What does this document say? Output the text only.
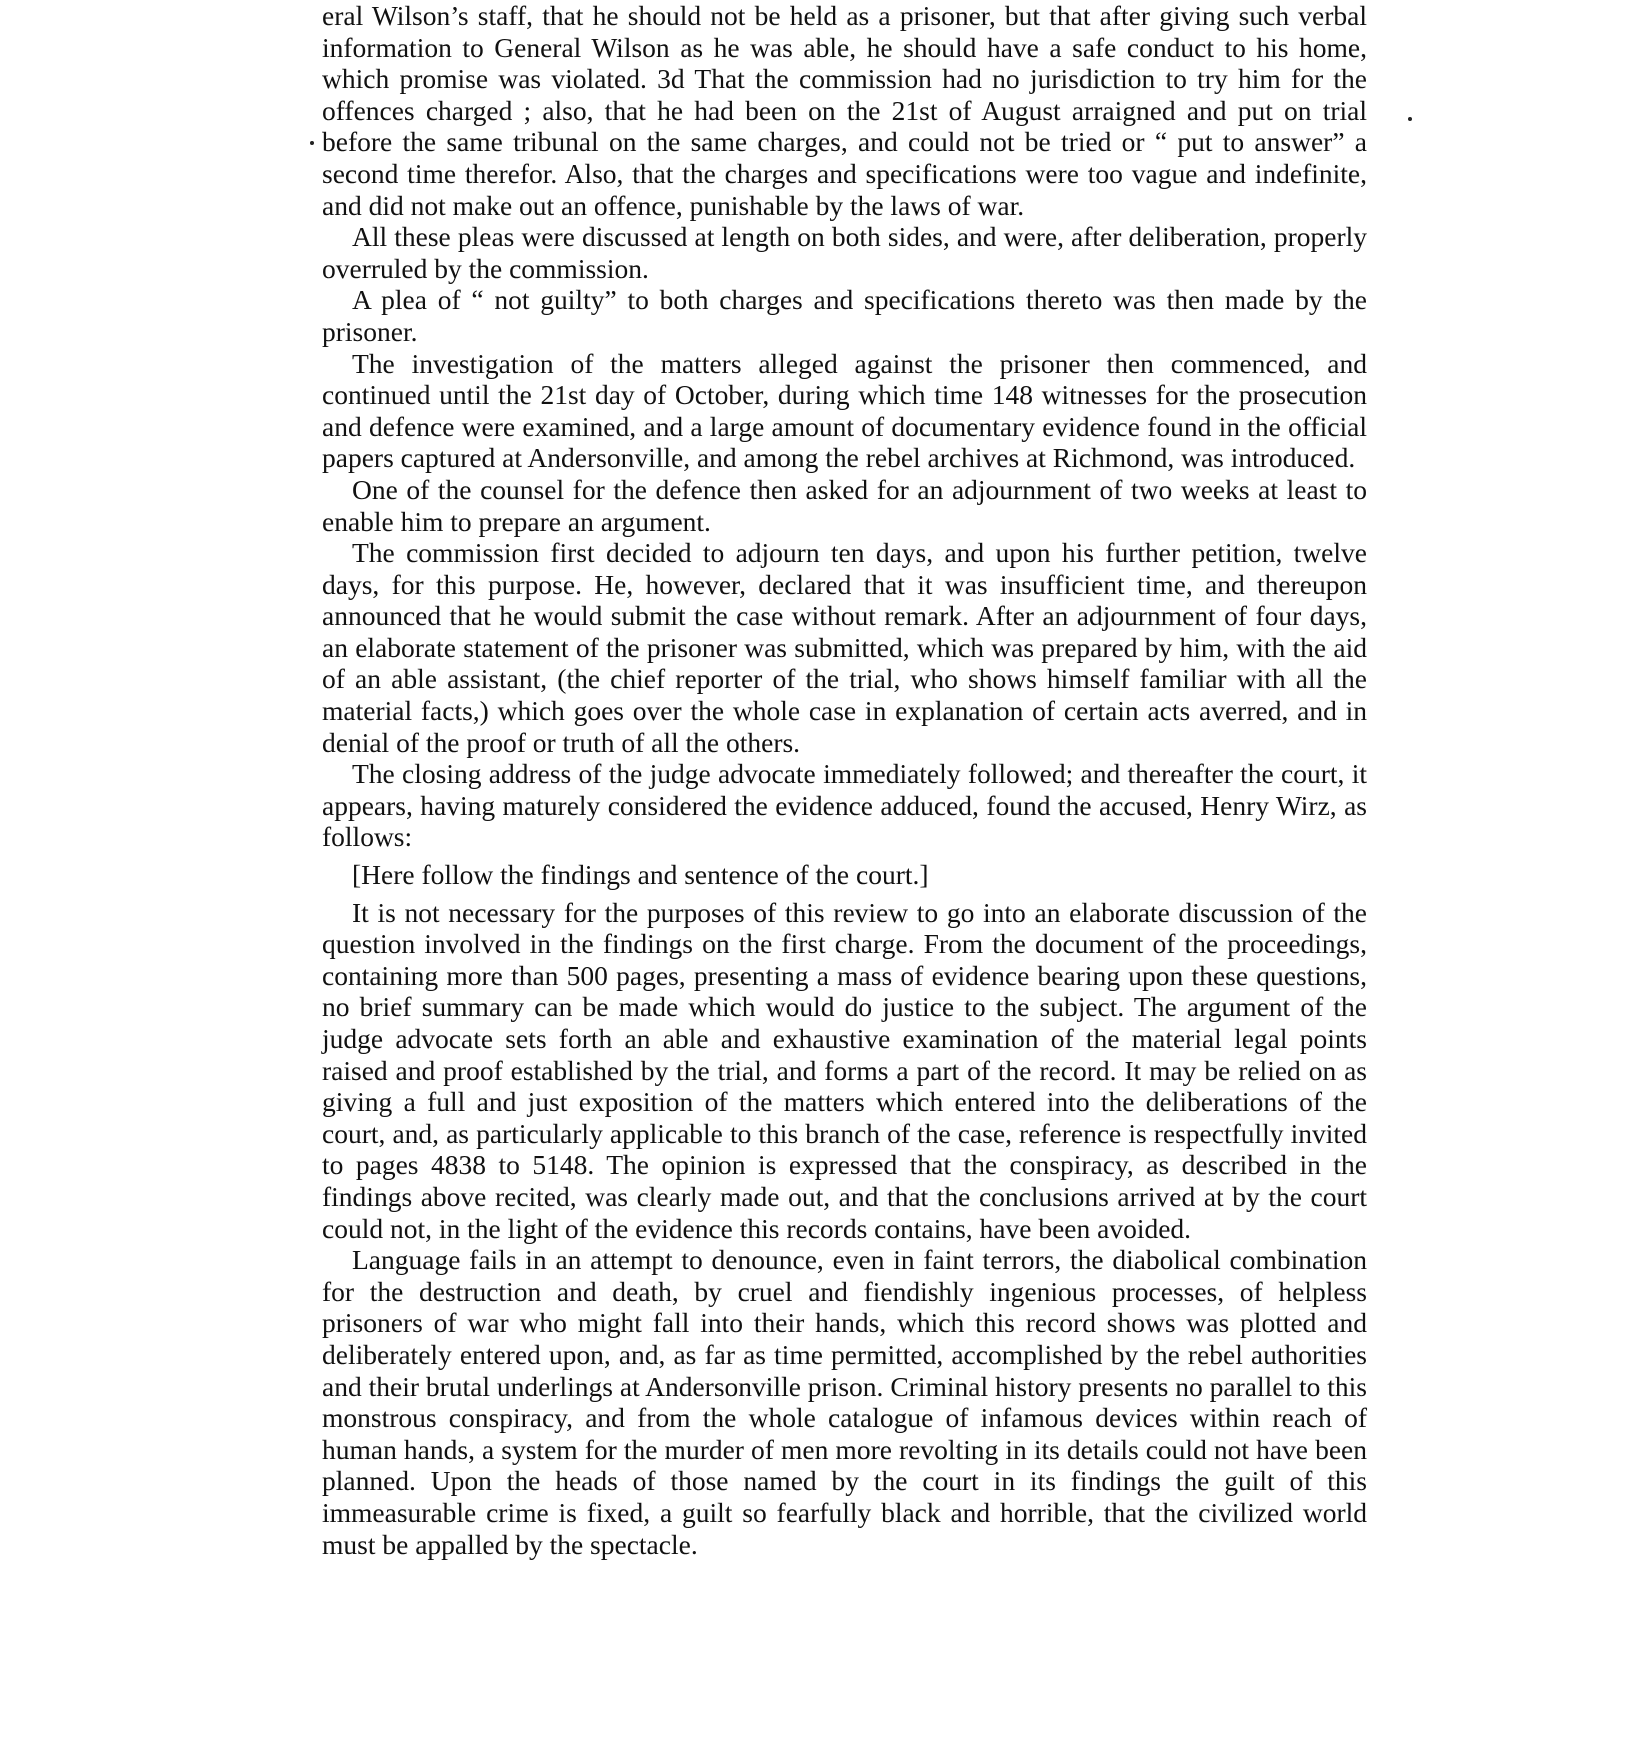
eral Wilson’s staff, that he should not be held as a prisoner, but that after giving such verbal information to General Wilson as he was able, he should have a safe conduct to his home, which promise was violated. 3d That the commission had no jurisdiction to try him for the offences charged ; also, that he had been on the 21st of August arraigned and put on trial before the same tribunal on the same charges, and could not be tried or “ put to answer” a second time therefor. Also, that the charges and specifications were too vague and indefinite, and did not make out an offence, punishable by the laws of war.

All these pleas were discussed at length on both sides, and were, after deliberation, properly overruled by the commission.

A plea of “ not guilty” to both charges and specifications thereto was then made by the prisoner.

The investigation of the matters alleged against the prisoner then commenced, and continued until the 21st day of October, during which time 148 witnesses for the prosecution and defence were examined, and a large amount of documentary evidence found in the official papers captured at Andersonville, and among the rebel archives at Richmond, was introduced.

One of the counsel for the defence then asked for an adjournment of two weeks at least to enable him to prepare an argument.

The commission first decided to adjourn ten days, and upon his further petition, twelve days, for this purpose. He, however, declared that it was insufficient time, and thereupon announced that he would submit the case without remark. After an adjournment of four days, an elaborate statement of the prisoner was submitted, which was prepared by him, with the aid of an able assistant, (the chief reporter of the trial, who shows himself familiar with all the material facts,) which goes over the whole case in explanation of certain acts averred, and in denial of the proof or truth of all the others.

The closing address of the judge advocate immediately followed; and thereafter the court, it appears, having maturely considered the evidence adduced, found the accused, Henry Wirz, as follows:

[Here follow the findings and sentence of the court.]

It is not necessary for the purposes of this review to go into an elaborate discussion of the question involved in the findings on the first charge. From the document of the proceedings, containing more than 500 pages, presenting a mass of evidence bearing upon these questions, no brief summary can be made which would do justice to the subject. The argument of the judge advocate sets forth an able and exhaustive examination of the material legal points raised and proof established by the trial, and forms a part of the record. It may be relied on as giving a full and just exposition of the matters which entered into the deliberations of the court, and, as particularly applicable to this branch of the case, reference is respectfully invited to pages 4838 to 5148. The opinion is expressed that the conspiracy, as described in the findings above recited, was clearly made out, and that the conclusions arrived at by the court could not, in the light of the evidence this records contains, have been avoided.

Language fails in an attempt to denounce, even in faint terrors, the diabolical combination for the destruction and death, by cruel and fiendishly ingenious processes, of helpless prisoners of war who might fall into their hands, which this record shows was plotted and deliberately entered upon, and, as far as time permitted, accomplished by the rebel authorities and their brutal underlings at Andersonville prison. Criminal history presents no parallel to this monstrous conspiracy, and from the whole catalogue of infamous devices within reach of human hands, a system for the murder of men more revolting in its details could not have been planned. Upon the heads of those named by the court in its findings the guilt of this immeasurable crime is fixed, a guilt so fearfully black and horrible, that the civilized world must be appalled by the spectacle.
